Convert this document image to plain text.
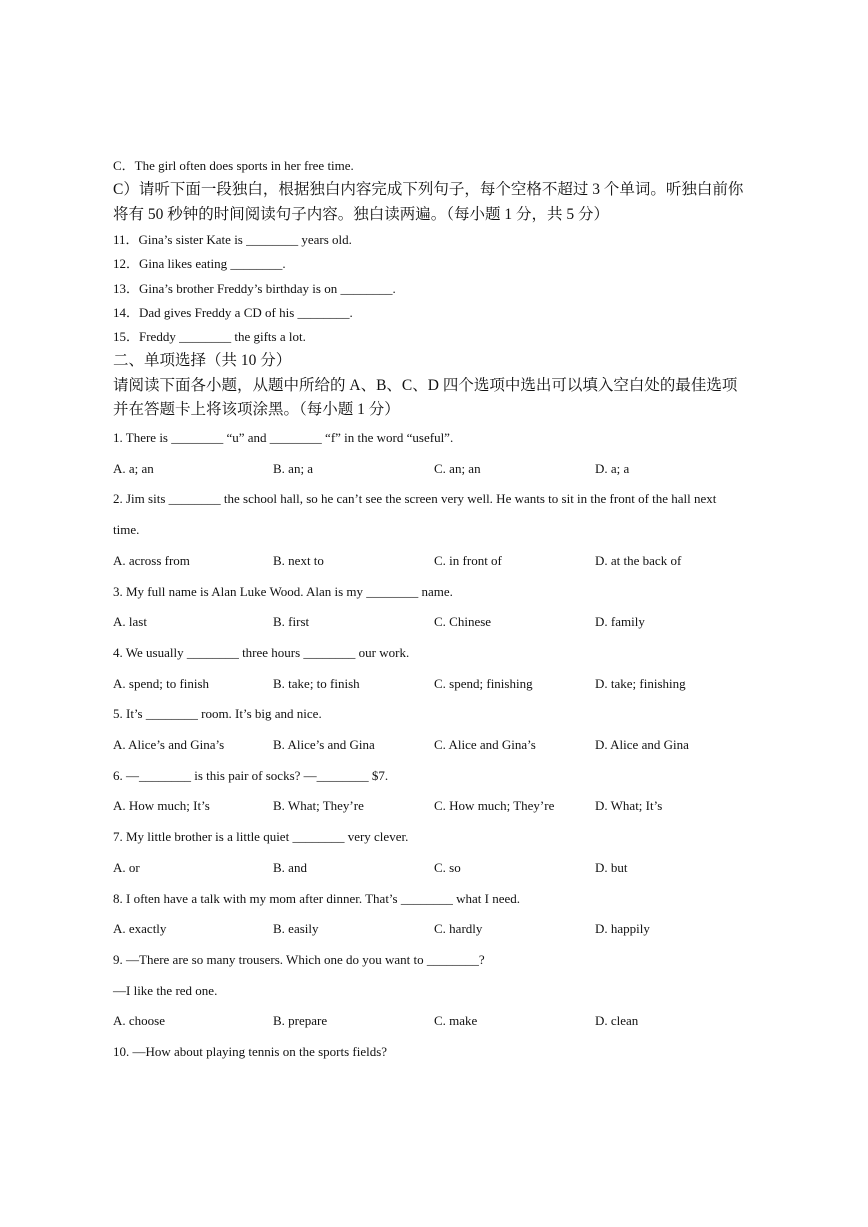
C．The girl often does sports in her free time.
C）请听下面一段独白，根据独白内容完成下列句子，每个空格不超过 3 个单词。听独白前你
将有 50 秒钟的时间阅读句子内容。独白读两遍。（每小题 1 分，共 5 分）
11．Gina’s sister Kate is ________ years old.
12．Gina likes eating ________.
13．Gina’s brother Freddy’s birthday is on ________.
14．Dad gives Freddy a CD of his ________.
15．Freddy ________ the gifts a lot.
二、单项选择（共 10 分）
请阅读下面各小题，从题中所给的 A、B、C、D 四个选项中选出可以填入空白处的最佳选项
并在答题卡上将该项涂黑。（每小题 1 分）
1. There is ________ “u” and ________ “f” in the word “useful”.
A. a; an	B. an; a	C. an; an	D. a; a
2. Jim sits ________ the school hall, so he can’t see the screen very well. He wants to sit in the front of the hall next
time.
A. across from	B. next to	C. in front of	D. at the back of
3. My full name is Alan Luke Wood. Alan is my ________ name.
A. last	B. first	C. Chinese	D. family
4. We usually ________ three hours ________ our work.
A. spend; to finish	B. take; to finish	C. spend; finishing	D. take; finishing
5. It’s ________ room. It’s big and nice.
A. Alice’s and Gina’s	B. Alice’s and Gina	C. Alice and Gina’s	D. Alice and Gina
6. —________ is this pair of socks? —________ $7.
A. How much; It’s	B. What; They’re	C. How much; They’re	D. What; It’s
7. My little brother is a little quiet ________ very clever.
A. or	B. and	C. so	D. but
8. I often have a talk with my mom after dinner. That’s ________ what I need.
A. exactly	B. easily	C. hardly	D. happily
9. —There are so many trousers. Which one do you want to ________?
—I like the red one.
A. choose	B. prepare	C. make	D. clean
10. —How about playing tennis on the sports fields?
